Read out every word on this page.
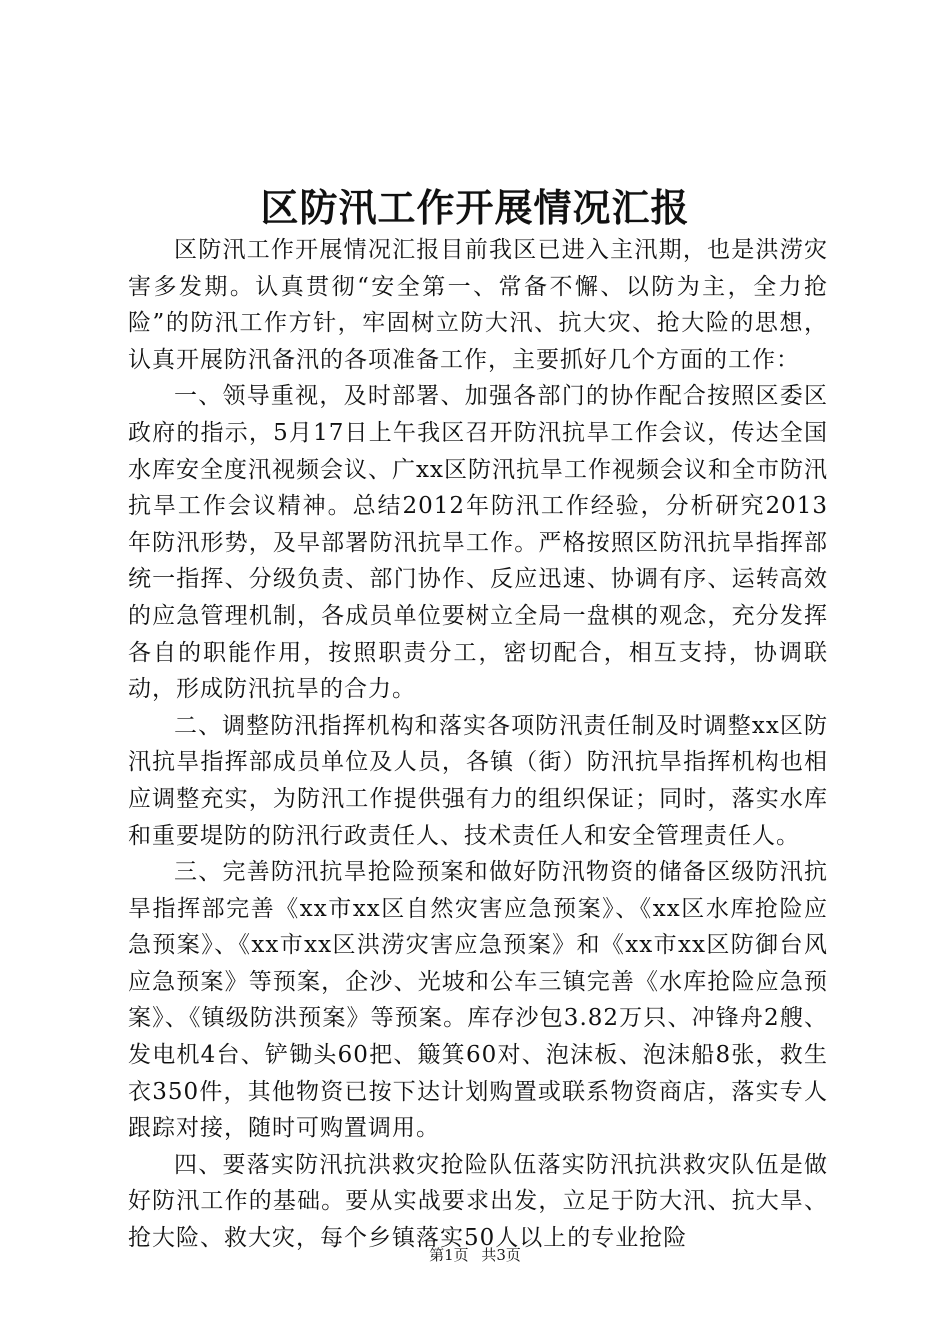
区防汛工作开展情况汇报

区防汛工作开展情况汇报目前我区已进入主汛期，也是洪涝灾害多发期。认真贯彻“安全第一、常备不懈、以防为主，全力抢险”的防汛工作方针，牢固树立防大汛、抗大灾、抢大险的思想，认真开展防汛备汛的各项准备工作，主要抓好几个方面的工作：

一、领导重视，及时部署、加强各部门的协作配合按照区委区政府的指示，5月17日上午我区召开防汛抗旱工作会议，传达全国水库安全度汛视频会议、广xx区防汛抗旱工作视频会议和全市防汛抗旱工作会议精神。总结2012年防汛工作经验，分析研究2013年防汛形势，及早部署防汛抗旱工作。严格按照区防汛抗旱指挥部统一指挥、分级负责、部门协作、反应迅速、协调有序、运转高效的应急管理机制，各成员单位要树立全局一盘棋的观念，充分发挥各自的职能作用，按照职责分工，密切配合，相互支持，协调联动，形成防汛抗旱的合力。

二、调整防汛指挥机构和落实各项防汛责任制及时调整xx区防汛抗旱指挥部成员单位及人员，各镇（街）防汛抗旱指挥机构也相应调整充实，为防汛工作提供强有力的组织保证；同时，落实水库和重要堤防的防汛行政责任人、技术责任人和安全管理责任人。

三、完善防汛抗旱抢险预案和做好防汛物资的储备区级防汛抗旱指挥部完善《xx市xx区自然灾害应急预案》、《xx区水库抢险应急预案》、《xx市xx区洪涝灾害应急预案》和《xx市xx区防御台风应急预案》等预案，企沙、光坡和公车三镇完善《水库抢险应急预案》、《镇级防洪预案》等预案。库存沙包3.82万只、冲锋舟2艘、发电机4台、铲锄头60把、簸箕60对、泡沫板、泡沫船8张，救生衣350件，其他物资已按下达计划购置或联系物资商店，落实专人跟踪对接，随时可购置调用。

四、要落实防汛抗洪救灾抢险队伍落实防汛抗洪救灾队伍是做好防汛工作的基础。要从实战要求出发，立足于防大汛、抗大旱、抢大险、救大灾，每个乡镇落实50人以上的专业抢险

第1页 共3页
